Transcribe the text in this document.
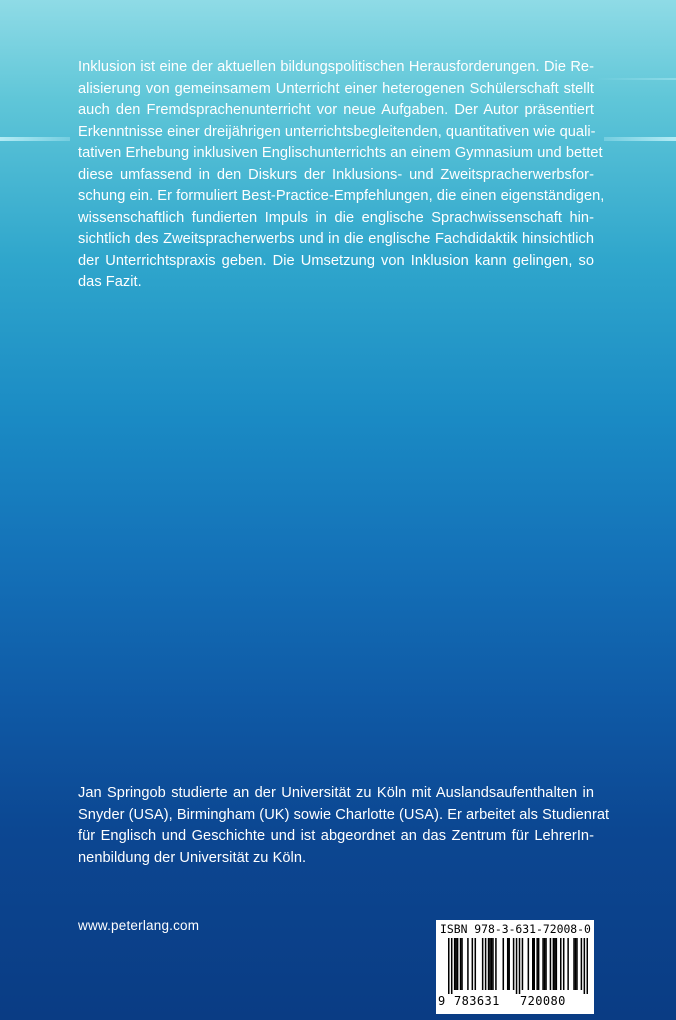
Inklusion ist eine der aktuellen bildungspolitischen Herausforderungen. Die Re-
alisierung von gemeinsamem Unterricht einer heterogenen Schülerschaft stellt
auch den Fremdsprachenunterricht vor neue Aufgaben. Der Autor präsentiert
Erkenntnisse einer dreijährigen unterrichtsbegleitenden, quantitativen wie quali-
tativen Erhebung inklusiven Englischunterrichts an einem Gymnasium und bettet
diese umfassend in den Diskurs der Inklusions- und Zweitspracherwerbsfor-
schung ein. Er formuliert Best-Practice-Empfehlungen, die einen eigenständigen,
wissenschaftlich fundierten Impuls in die englische Sprachwissenschaft hin-
sichtlich des Zweitspracherwerbs und in die englische Fachdidaktik hinsichtlich
der Unterrichtspraxis geben. Die Umsetzung von Inklusion kann gelingen, so
das Fazit.

Jan Springob studierte an der Universität zu Köln mit Auslandsaufenthalten in
Snyder (USA), Birmingham (UK) sowie Charlotte (USA). Er arbeitet als Studienrat
für Englisch und Geschichte und ist abgeordnet an das Zentrum für LehrerIn-
nenbildung der Universität zu Köln.

www.peterlang.com	ISBN 978-3-631-72008-0
9 783631 720080
